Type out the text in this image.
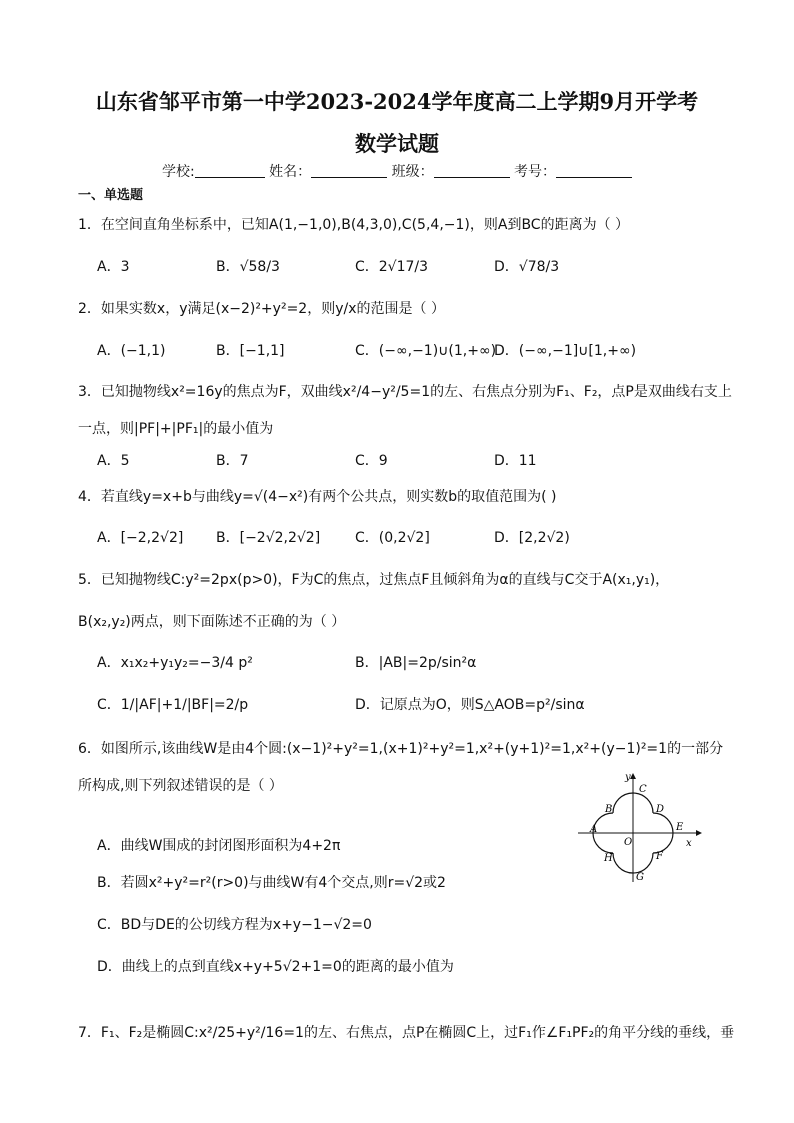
山东省邹平市第一中学2023-2024学年度高二上学期9月开学考
数学试题
学校:	姓名：	班级：	考号：
一、单选题
1．在空间直角坐标系中，已知A(1,−1,0),B(4,3,0),C(5,4,−1)，则A到BC的距离为（ ）
A．3	B．√58/3	C．2√17/3	D．√78/3
2．如果实数x，y满足(x−2)²+y²=2，则y/x的范围是（ ）
A．(−1,1)	B．[−1,1]	C．(−∞,−1)∪(1,+∞)
D．(−∞,−1]∪[1,+∞)
3．已知抛物线x²=16y的焦点为F，双曲线x²/4−y²/5=1的左、右焦点分别为F₁、F₂，点P是双曲线右支上
一点，则|PF|+|PF₁|的最小值为
A．5	B．7	C．9	D．11
4．若直线y=x+b与曲线y=√(4−x²)有两个公共点，则实数b的取值范围为( )
A．[−2,2√2] B．[−2√2,2√2] C．(0,2√2]	D．[2,2√2)
5．已知抛物线C:y²=2px(p>0)，F为C的焦点，过焦点F且倾斜角为α的直线与C交于A(x₁,y₁)，
B(x₂,y₂)两点，则下面陈述不正确的为（ ）
A．x₁x₂+y₁y₂=−3/4 p²	B．|AB|=2p/sin²α
C．1/|AF|+1/|BF|=2/p	D．记原点为O，则S△AOB=p²/sinα
6．如图所示,该曲线W是由4个圆:(x−1)²+y²=1,(x+1)²+y²=1,x²+(y+1)²=1,x²+(y−1)²=1的一部分
所构成,则下列叙述错误的是（ ）
A．曲线W围成的封闭图形面积为4+2π
B．若圆x²+y²=r²(r>0)与曲线W有4个交点,则r=√2或2
C．BD与DE的公切线方程为x+y−1−√2=0
D．曲线上的点到直线x+y+5√2+1=0的距离的最小值为
y
x
O
A
B
C
D
E
F
G
H
7．F₁、F₂是椭圆C:x²/25+y²/16=1的左、右焦点，点P在椭圆C上，过F₁作∠F₁PF₂的角平分线的垂线，垂
